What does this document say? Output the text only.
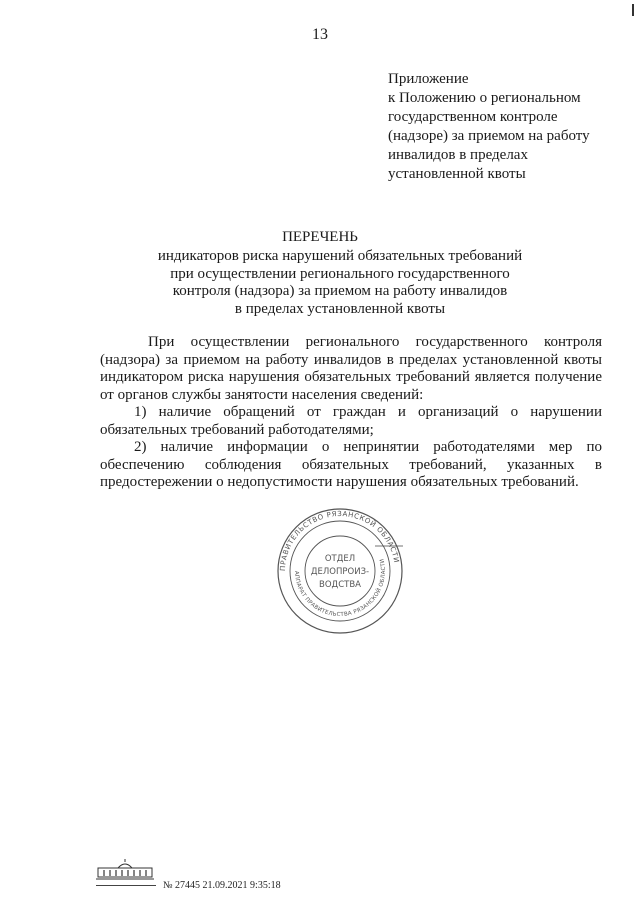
13
Приложение
к Положению о региональном
государственном контроле
(надзоре) за приемом на работу
инвалидов в пределах
установленной квоты
ПЕРЕЧЕНЬ
индикаторов риска нарушений обязательных требований
при осуществлении регионального государственного
контроля (надзора) за приемом на работу инвалидов
в пределах установленной квоты
При осуществлении регионального государственного контроля
(надзора) за приемом на работу инвалидов в пределах установленной квоты
индикатором риска нарушения обязательных требований является получение
от органов службы занятости населения сведений:
1) наличие обращений от граждан и организаций о нарушении
обязательных требований работодателями;
2) наличие информации о непринятии работодателями мер по
обеспечению соблюдения обязательных требований, указанных в
предостережении о недопустимости нарушения обязательных требований.
ПРАВИТЕЛЬСТВО РЯЗАНСКОЙ ОБЛАСТИ
АППАРАТ ПРАВИТЕЛЬСТВА РЯЗАНСКОЙ ОБЛАСТИ
ОТДЕЛ
ДЕЛОПРОИЗ-
ВОДСТВА
№ 27445 21.09.2021 9:35:18
